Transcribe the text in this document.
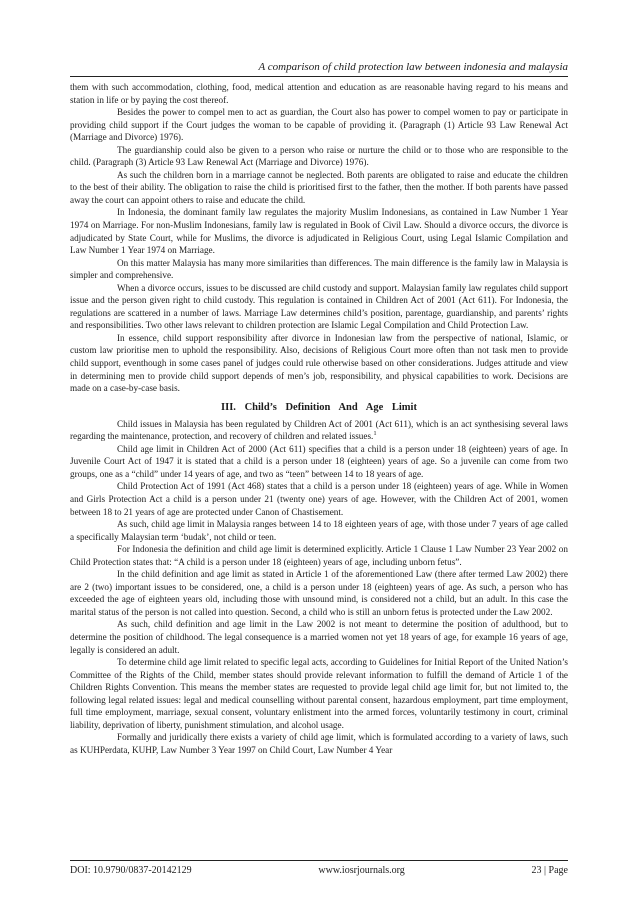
A comparison of child protection law between indonesia and malaysia

them with such accommodation, clothing, food, medical attention and education as are reasonable having regard to his means and station in life or by paying the cost thereof.

Besides the power to compel men to act as guardian, the Court also has power to compel women to pay or participate in providing child support if the Court judges the woman to be capable of providing it. (Paragraph (1) Article 93 Law Renewal Act (Marriage and Divorce) 1976).

The guardianship could also be given to a person who raise or nurture the child or to those who are responsible to the child. (Paragraph (3) Article 93 Law Renewal Act (Marriage and Divorce) 1976).

As such the children born in a marriage cannot be neglected. Both parents are obligated to raise and educate the children to the best of their ability. The obligation to raise the child is prioritised first to the father, then the mother. If both parents have passed away the court can appoint others to raise and educate the child.

In Indonesia, the dominant family law regulates the majority Muslim Indonesians, as contained in Law Number 1 Year 1974 on Marriage. For non-Muslim Indonesians, family law is regulated in Book of Civil Law. Should a divorce occurs, the divorce is adjudicated by State Court, while for Muslims, the divorce is adjudicated in Religious Court, using Legal Islamic Compilation and Law Number 1 Year 1974 on Marriage.

On this matter Malaysia has many more similarities than differences. The main difference is the family law in Malaysia is simpler and comprehensive.

When a divorce occurs, issues to be discussed are child custody and support. Malaysian family law regulates child support issue and the person given right to child custody. This regulation is contained in Children Act of 2001 (Act 611). For Indonesia, the regulations are scattered in a number of laws. Marriage Law determines child’s position, parentage, guardianship, and parents’ rights and responsibilities. Two other laws relevant to children protection are Islamic Legal Compilation and Child Protection Law.

In essence, child support responsibility after divorce in Indonesian law from the perspective of national, Islamic, or custom law prioritise men to uphold the responsibility. Also, decisions of Religious Court more often than not task men to provide child support, eventhough in some cases panel of judges could rule otherwise based on other considerations. Judges attitude and view in determining men to provide child support depends of men’s job, responsibility, and physical capabilities to work. Decisions are made on a case-by-case basis.

III. Child’s Definition And Age Limit

Child issues in Malaysia has been regulated by Children Act of 2001 (Act 611), which is an act synthesising several laws regarding the maintenance, protection, and recovery of children and related issues.$^1$

Child age limit in Children Act of 2000 (Act 611) specifies that a child is a person under 18 (eighteen) years of age. In Juvenile Court Act of 1947 it is stated that a child is a person under 18 (eighteen) years of age. So a juvenile can come from two groups, one as a “child” under 14 years of age, and two as “teen” between 14 to 18 years of age.

Child Protection Act of 1991 (Act 468) states that a child is a person under 18 (eighteen) years of age. While in Women and Girls Protection Act a child is a person under 21 (twenty one) years of age. However, with the Children Act of 2001, women between 18 to 21 years of age are protected under Canon of Chastisement.

As such, child age limit in Malaysia ranges between 14 to 18 eighteen years of age, with those under 7 years of age called a specifically Malaysian term ‘budak’, not child or teen.

For Indonesia the definition and child age limit is determined explicitly. Article 1 Clause 1 Law Number 23 Year 2002 on Child Protection states that: “A child is a person under 18 (eighteen) years of age, including unborn fetus”.

In the child definition and age limit as stated in Article 1 of the aforementioned Law (there after termed Law 2002) there are 2 (two) important issues to be considered, one, a child is a person under 18 (eighteen) years of age. As such, a person who has exceeded the age of eighteen years old, including those with unsound mind, is considered not a child, but an adult. In this case the marital status of the person is not called into question. Second, a child who is still an unborn fetus is protected under the Law 2002.

As such, child definition and age limit in the Law 2002 is not meant to determine the position of adulthood, but to determine the position of childhood. The legal consequence is a married women not yet 18 years of age, for example 16 years of age, legally is considered an adult.

To determine child age limit related to specific legal acts, according to Guidelines for Initial Report of the United Nation’s Committee of the Rights of the Child, member states should provide relevant information to fulfill the demand of Article 1 of the Children Rights Convention. This means the member states are requested to provide legal child age limit for, but not limited to, the following legal related issues: legal and medical counselling without parental consent, hazardous employment, part time employment, full time employment, marriage, sexual consent, voluntary enlistment into the armed forces, voluntarily testimony in court, criminal liability, deprivation of liberty, punishment stimulation, and alcohol usage.

Formally and juridically there exists a variety of child age limit, which is formulated according to a variety of laws, such as KUHPerdata, KUHP, Law Number 3 Year 1997 on Child Court, Law Number 4 Year

DOI: 10.9790/0837-20142129	www.iosrjournals.org	23 | Page
